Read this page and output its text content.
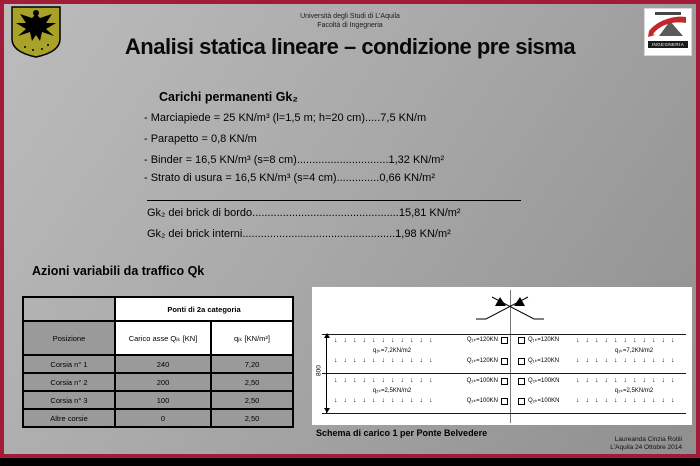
Università degli Studi di L'Aquila
Facoltà di Ingegneria
INGEGNERIA
Analisi statica lineare – condizione pre sisma
Carichi permanenti Gk₂
- Marciapiede = 25 KN/m³ (l=1,5 m; h=20 cm).....7,5 KN/m
- Parapetto = 0,8 KN/m
- Binder = 16,5 KN/m³ (s=8 cm)..............................1,32 KN/m²
- Strato di usura = 16,5 KN/m³ (s=4 cm)..............0,66 KN/m²
Gk₂ dei brick di bordo................................................15,81 KN/m²
Gk₂ dei brick interni..................................................1,98 KN/m²
Azioni variabili da traffico Qk
	Ponti di 2a categoria	
Posizione	Carico asse Qᵢₖ [KN]	qᵢₖ [KN/m²]
Corsia n° 1	240	7,20
Corsia n° 2	200	2,50
Corsia n° 3	100	2,50
Altre corsie	0	2,50
800
↓↓↓↓↓↓↓↓↓↓↓
q₁ₖ=7,2KN/m2
↓↓↓↓↓↓↓↓↓↓↓
↓↓↓↓↓↓↓↓↓↓↓
q₁ₖ=7,2KN/m2
↓↓↓↓↓↓↓↓↓↓↓
Q₁ₖ=120KN
Q₁ₖ=120KN
Q₁ₖ=120KN
Q₁ₖ=120KN
↓↓↓↓↓↓↓↓↓↓↓
q₂ₖ=2,5KN/m2
↓↓↓↓↓↓↓↓↓↓↓
↓↓↓↓↓↓↓↓↓↓↓
q₂ₖ=2,5KN/m2
↓↓↓↓↓↓↓↓↓↓↓
Q₂ₖ=100KN
Q₂ₖ=100KN
Q₂ₖ=100KN
Q₂ₖ=100KN
Schema di carico 1 per Ponte Belvedere
Laureanda Cinzia Rotili
L'Aquila 24 Ottobre 2014
